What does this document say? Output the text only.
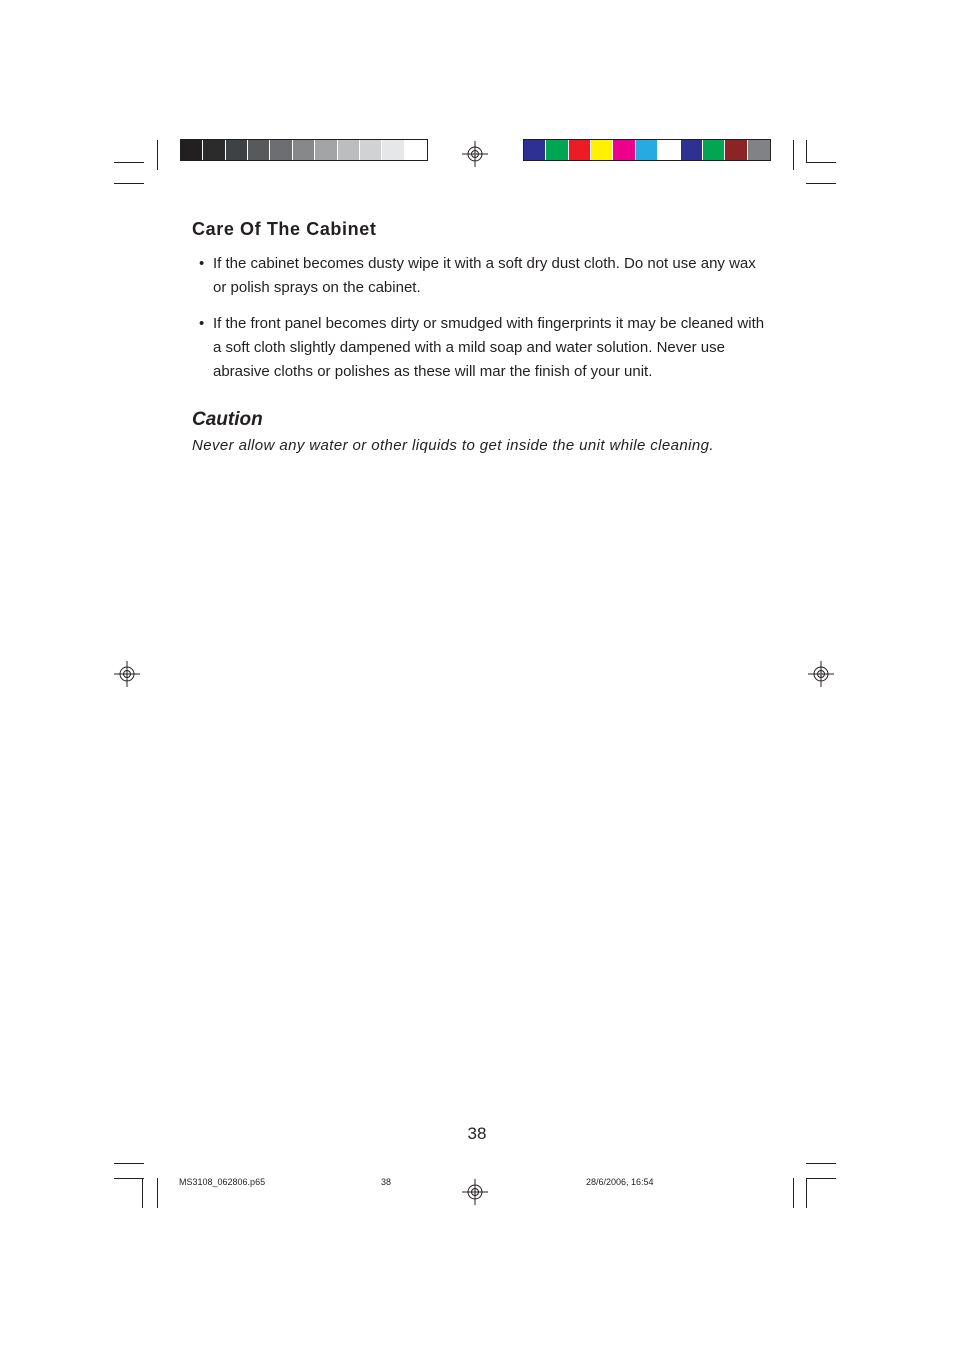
Care Of The Cabinet
• If the cabinet becomes dusty wipe it with a soft dry dust cloth. Do not use any wax or polish sprays on the cabinet.
• If the front panel becomes dirty or smudged with fingerprints it may be cleaned with a soft cloth slightly dampened with a mild soap and water solution. Never use abrasive cloths or polishes as these will mar the finish of your unit.
Caution

Never allow any water or other liquids to get inside the unit while cleaning.

38
MS3108_062806.p65	38	28/6/2006, 16:54
